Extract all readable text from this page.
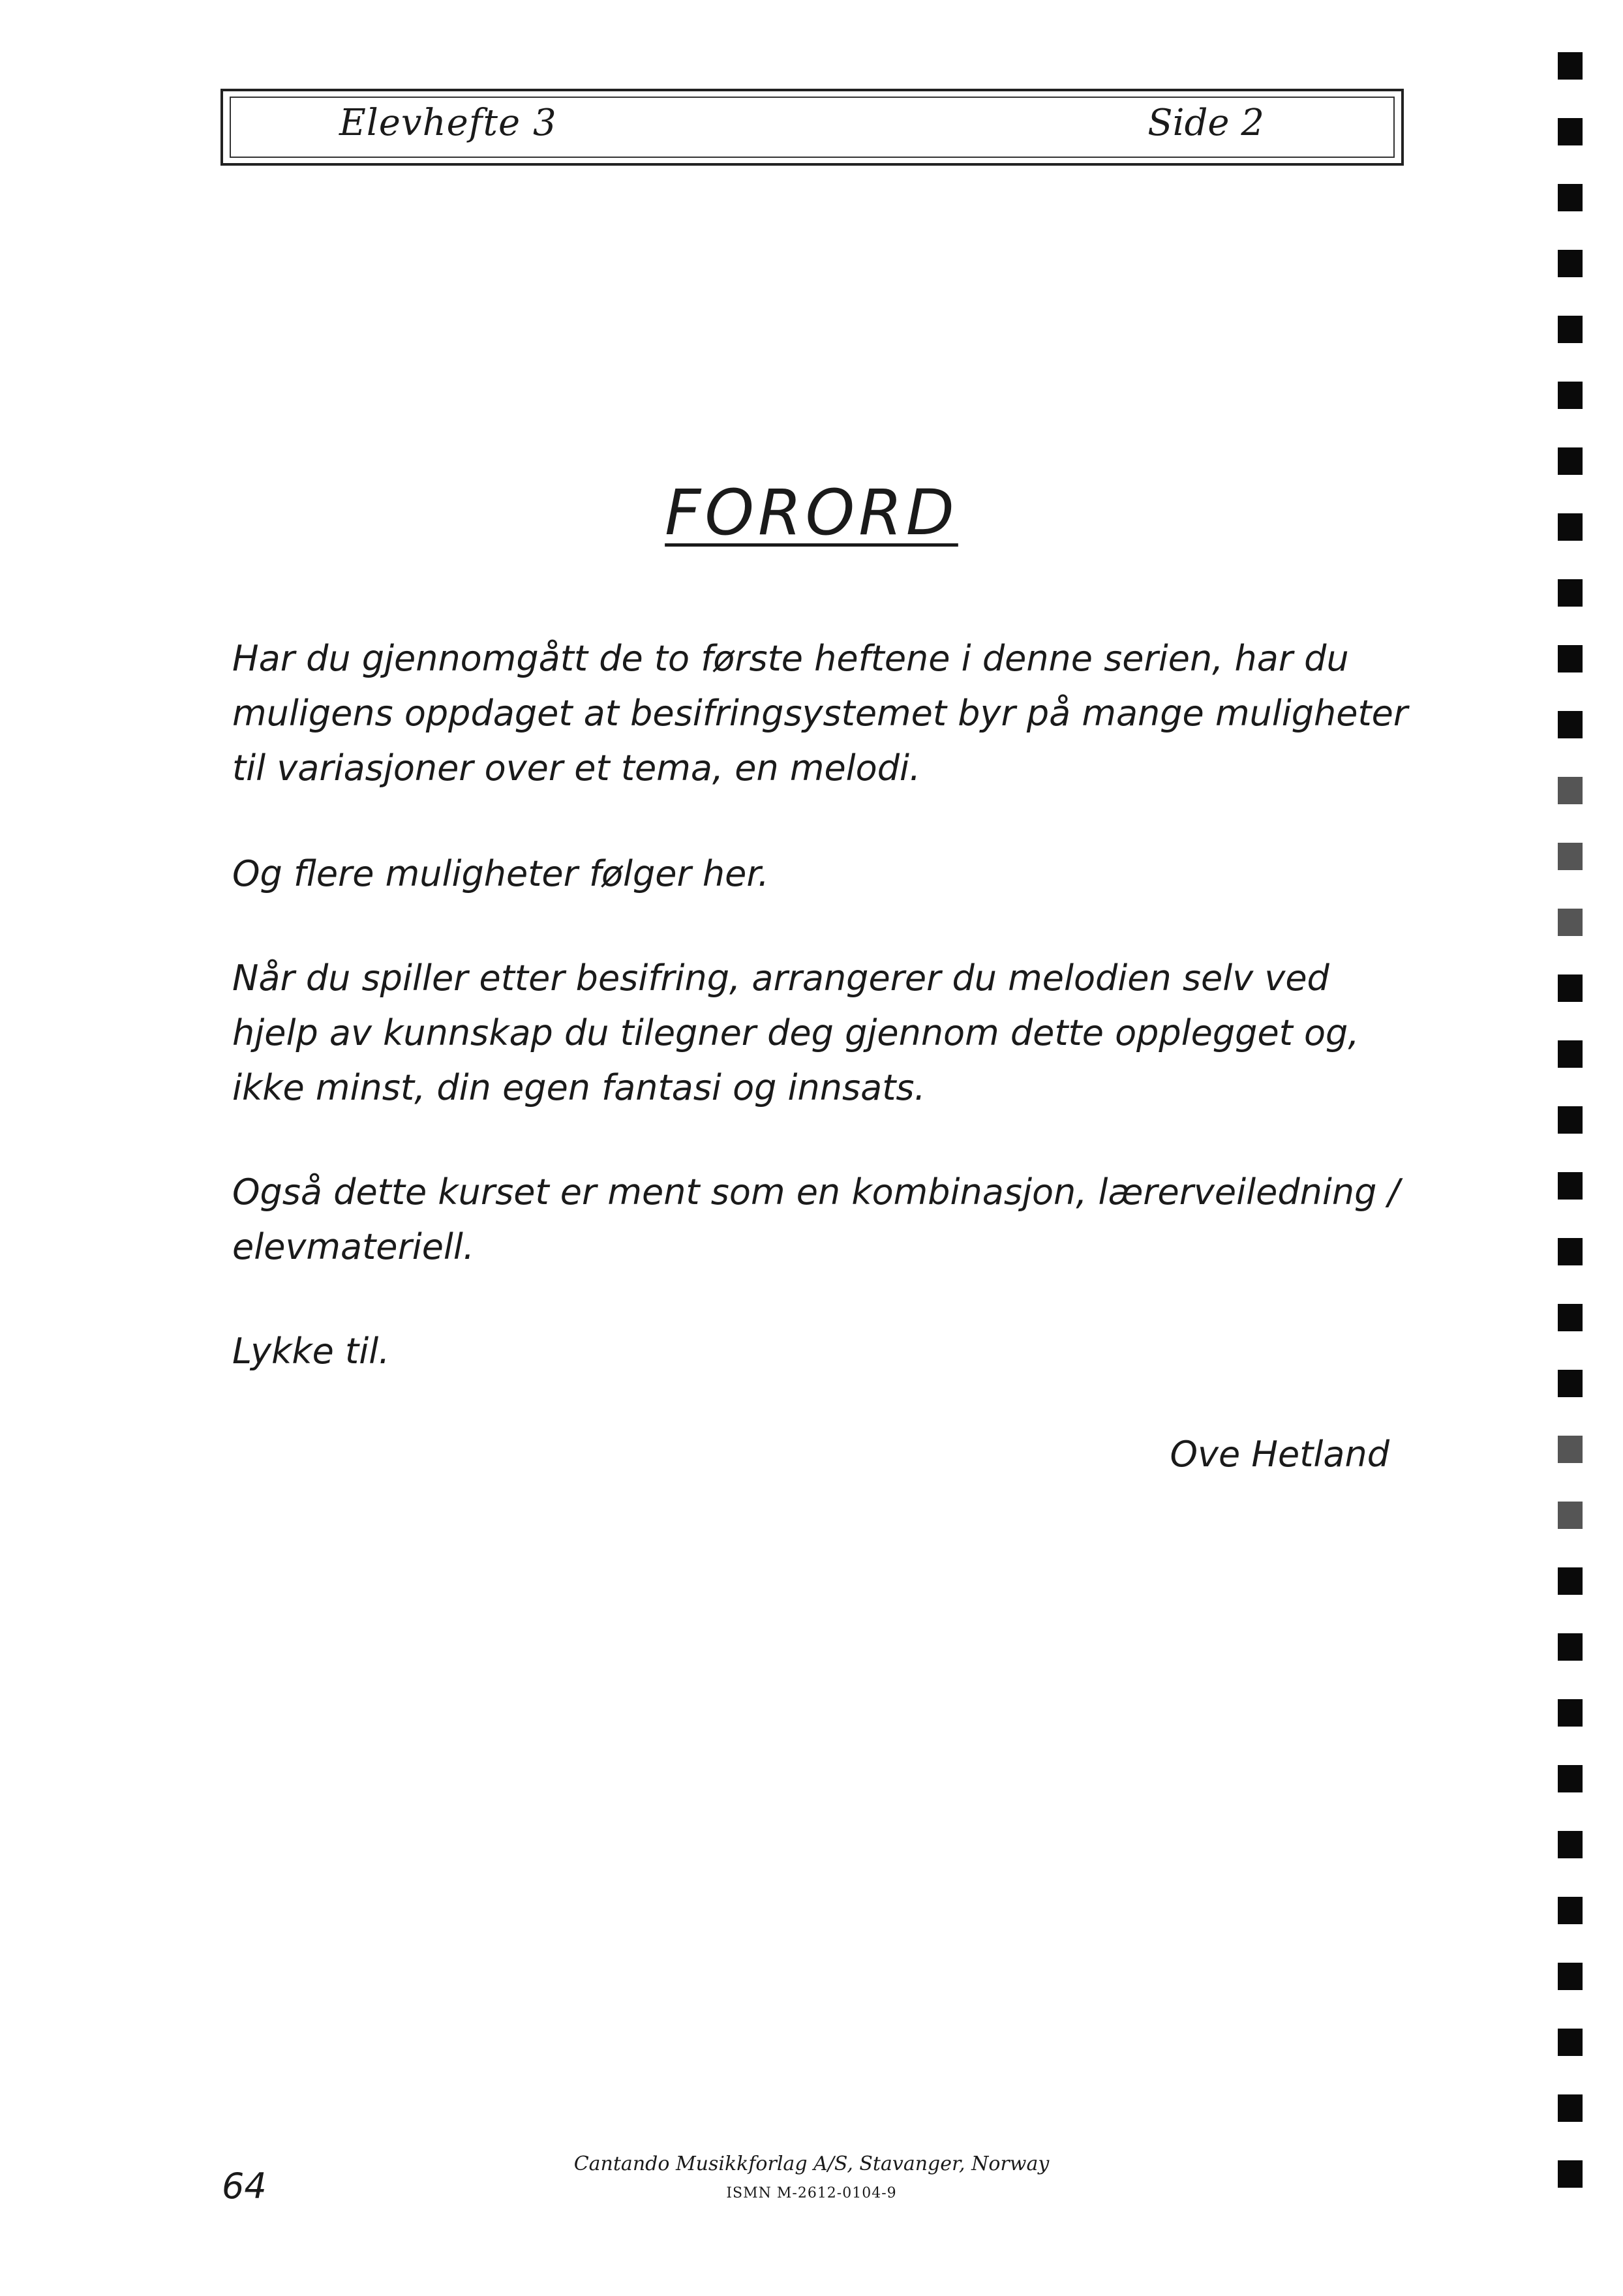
Elevhefte 3	Side 2
FORORD

Har du gjennomgått de to første heftene i denne serien, har du muligens oppdaget at besifringsystemet byr på mange muligheter til variasjoner over et tema, en melodi.

Og flere muligheter følger her.

Når du spiller etter besifring, arrangerer du melodien selv ved hjelp av kunnskap du tilegner deg gjennom dette opplegget og, ikke minst, din egen fantasi og innsats.

Også dette kurset er ment som en kombinasjon, lærerveiledning / elevmateriell.

Lykke til.

Ove Hetland
64
Cantando Musikkforlag A/S, Stavanger, Norway
ISMN M-2612-0104-9
